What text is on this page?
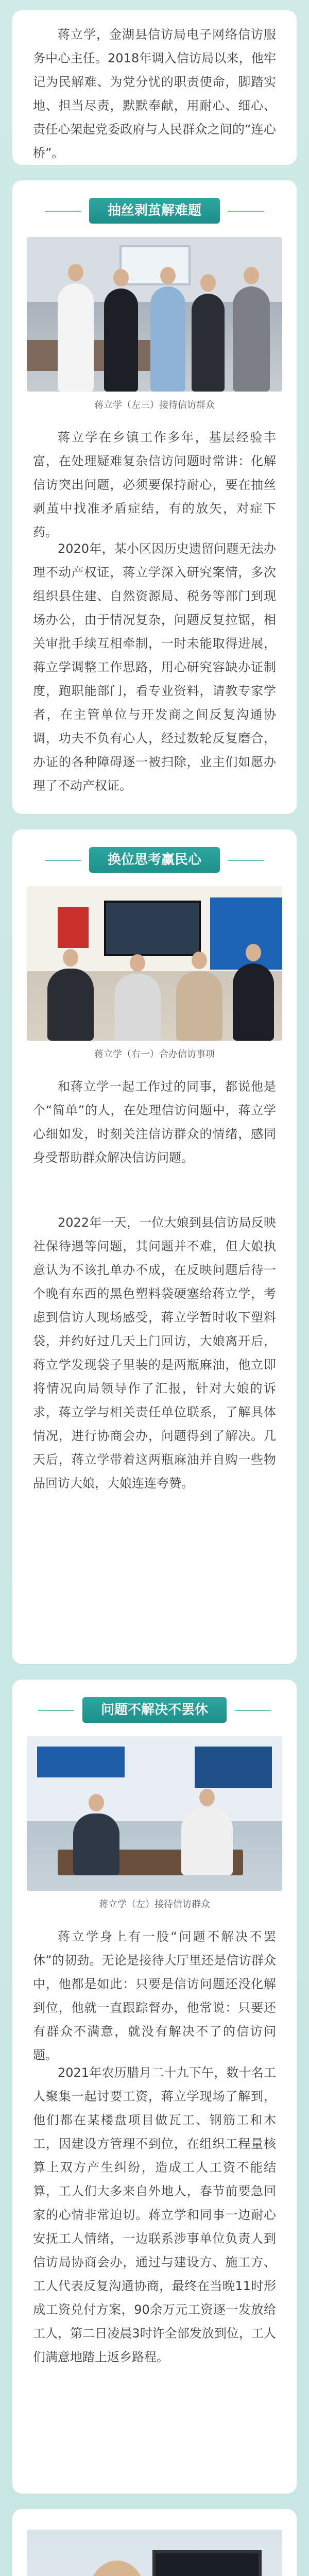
蒋立学，金湖县信访局电子网络信访服务中心主任。2018年调入信访局以来，他牢记为民解难、为党分忧的职责使命，脚踏实地、担当尽责，默默奉献，用耐心、细心、责任心架起党委政府与人民群众之间的“连心桥”。

抽丝剥茧解难题
蒋立学（左三）接待信访群众

蒋立学在乡镇工作多年，基层经验丰富，在处理疑难复杂信访问题时常讲：化解信访突出问题，必须要保持耐心，要在抽丝剥茧中找准矛盾症结，有的放矢，对症下药。

2020年，某小区因历史遗留问题无法办理不动产权证，蒋立学深入研究案情，多次组织县住建、自然资源局、税务等部门到现场办公，由于情况复杂，问题反复拉锯，相关审批手续互相牵制，一时未能取得进展，蒋立学调整工作思路，用心研究容缺办证制度，跑职能部门，看专业资料，请教专家学者，在主管单位与开发商之间反复沟通协调，功夫不负有心人，经过数轮反复磨合，办证的各种障碍逐一被扫除，业主们如愿办理了不动产权证。

换位思考赢民心
蒋立学（右一）合办信访事项

和蒋立学一起工作过的同事，都说他是个“简单”的人，在处理信访问题中，蒋立学心细如发，时刻关注信访群众的情绪，感同身受帮助群众解决信访问题。

2022年一天，一位大娘到县信访局反映社保待遇等问题，其问题并不难，但大娘执意认为不该扎单办不成，在反映问题后待一个晚有东西的黑色塑料袋硬塞给蒋立学，考虑到信访人现场感受，蒋立学暂时收下塑料袋，并约好过几天上门回访，大娘离开后，蒋立学发现袋子里装的是两瓶麻油，他立即将情况向局领导作了汇报，针对大娘的诉求，蒋立学与相关责任单位联系，了解具体情况，进行协商会办，问题得到了解决。几天后，蒋立学带着这两瓶麻油并自购一些物品回访大娘，大娘连连夸赞。

问题不解决不罢休
蒋立学（左）接待信访群众

蒋立学身上有一股“问题不解决不罢休”的韧劲。无论是接待大厅里还是信访群众中，他都是如此：只要是信访问题还没化解到位，他就一直跟踪督办，他常说：只要还有群众不满意，就没有解决不了的信访问题。

2021年农历腊月二十九下午，数十名工人聚集一起讨要工资，蒋立学现场了解到，他们都在某楼盘项目做瓦工、钢筋工和木工，因建设方管理不到位，在组织工程量核算上双方产生纠纷，造成工人工资不能结算，工人们大多来自外地人，春节前要急回家的心情非常迫切。蒋立学和同事一边耐心安抚工人情绪，一边联系涉事单位负责人到信访局协商会办，通过与建设方、施工方、工人代表反复沟通协商，最终在当晚11时形成工资兑付方案，90余万元工资逐一发放给工人，第二日凌晨3时许全部发放到位，工人们满意地踏上返乡路程。
